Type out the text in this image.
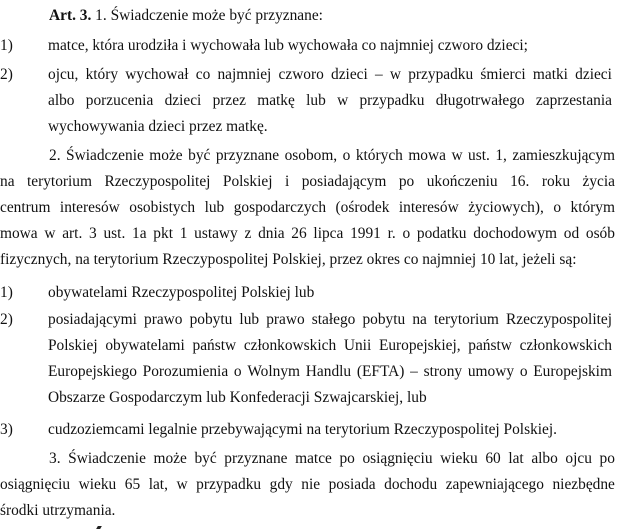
Art. 3. 1. Świadczenie może być przyznane:
1) matce, która urodziła i wychowała lub wychowała co najmniej czworo dzieci;
2) ojcu, który wychował co najmniej czworo dzieci – w przypadku śmierci matki dzieci
albo porzucenia dzieci przez matkę lub w przypadku długotrwałego zaprzestania
wychowywania dzieci przez matkę.
2. Świadczenie może być przyznane osobom, o których mowa w ust. 1, zamieszkującym
na terytorium Rzeczypospolitej Polskiej i posiadającym po ukończeniu 16. roku życia
centrum interesów osobistych lub gospodarczych (ośrodek interesów życiowych), o którym
mowa w art. 3 ust. 1a pkt 1 ustawy z dnia 26 lipca 1991 r. o podatku dochodowym od osób
fizycznych, na terytorium Rzeczypospolitej Polskiej, przez okres co najmniej 10 lat, jeżeli są:
1) obywatelami Rzeczypospolitej Polskiej lub
2) posiadającymi prawo pobytu lub prawo stałego pobytu na terytorium Rzeczypospolitej
Polskiej obywatelami państw członkowskich Unii Europejskiej, państw członkowskich
Europejskiego Porozumienia o Wolnym Handlu (EFTA) – strony umowy o Europejskim
Obszarze Gospodarczym lub Konfederacji Szwajcarskiej, lub
3) cudzoziemcami legalnie przebywającymi na terytorium Rzeczypospolitej Polskiej.
3. Świadczenie może być przyznane matce po osiągnięciu wieku 60 lat albo ojcu po
osiągnięciu wieku 65 lat, w przypadku gdy nie posiada dochodu zapewniającego niezbędne
środki utrzymania.
